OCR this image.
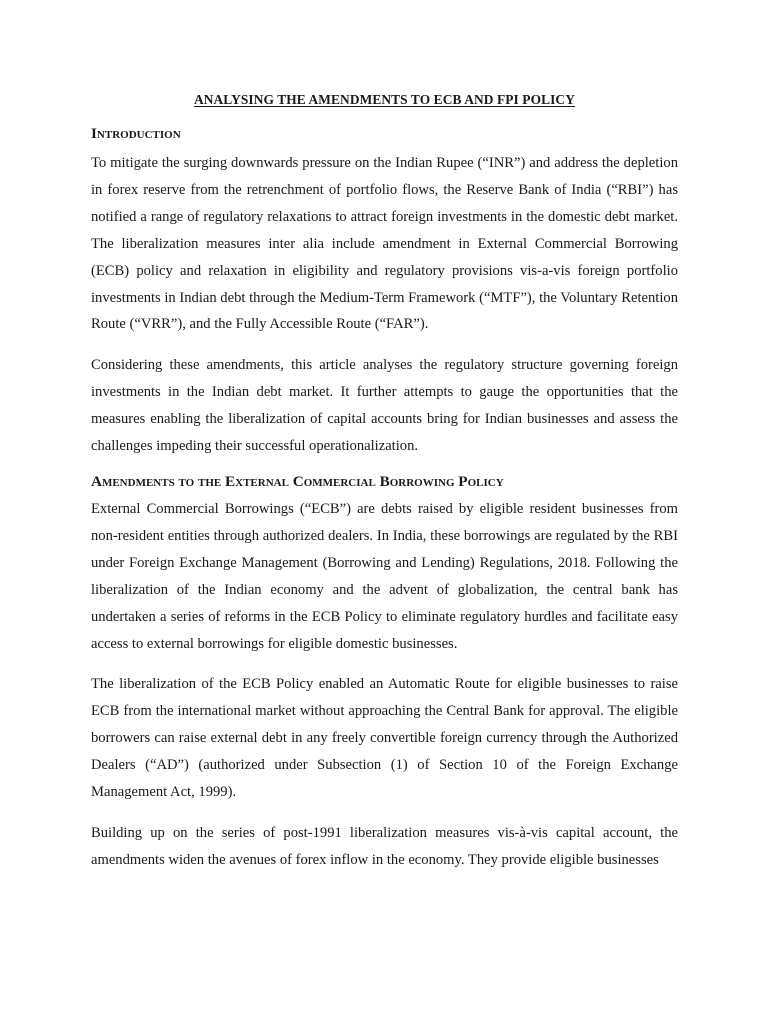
ANALYSING THE AMENDMENTS TO ECB AND FPI POLICY
Introduction

To mitigate the surging downwards pressure on the Indian Rupee (“INR”) and address the depletion in forex reserve from the retrenchment of portfolio flows, the Reserve Bank of India (“RBI”) has notified a range of regulatory relaxations to attract foreign investments in the domestic debt market. The liberalization measures inter alia include amendment in External Commercial Borrowing (ECB) policy and relaxation in eligibility and regulatory provisions vis-a-vis foreign portfolio investments in Indian debt through the Medium-Term Framework (“MTF”), the Voluntary Retention Route (“VRR”), and the Fully Accessible Route (“FAR”).

Considering these amendments, this article analyses the regulatory structure governing foreign investments in the Indian debt market. It further attempts to gauge the opportunities that the measures enabling the liberalization of capital accounts bring for Indian businesses and assess the challenges impeding their successful operationalization.

Amendments to the External Commercial Borrowing Policy

External Commercial Borrowings (“ECB”) are debts raised by eligible resident businesses from non-resident entities through authorized dealers. In India, these borrowings are regulated by the RBI under Foreign Exchange Management (Borrowing and Lending) Regulations, 2018. Following the liberalization of the Indian economy and the advent of globalization, the central bank has undertaken a series of reforms in the ECB Policy to eliminate regulatory hurdles and facilitate easy access to external borrowings for eligible domestic businesses.

The liberalization of the ECB Policy enabled an Automatic Route for eligible businesses to raise ECB from the international market without approaching the Central Bank for approval. The eligible borrowers can raise external debt in any freely convertible foreign currency through the Authorized Dealers (“AD”) (authorized under Subsection (1) of Section 10 of the Foreign Exchange Management Act, 1999).

Building up on the series of post-1991 liberalization measures vis-à-vis capital account, the amendments widen the avenues of forex inflow in the economy. They provide eligible businesses
